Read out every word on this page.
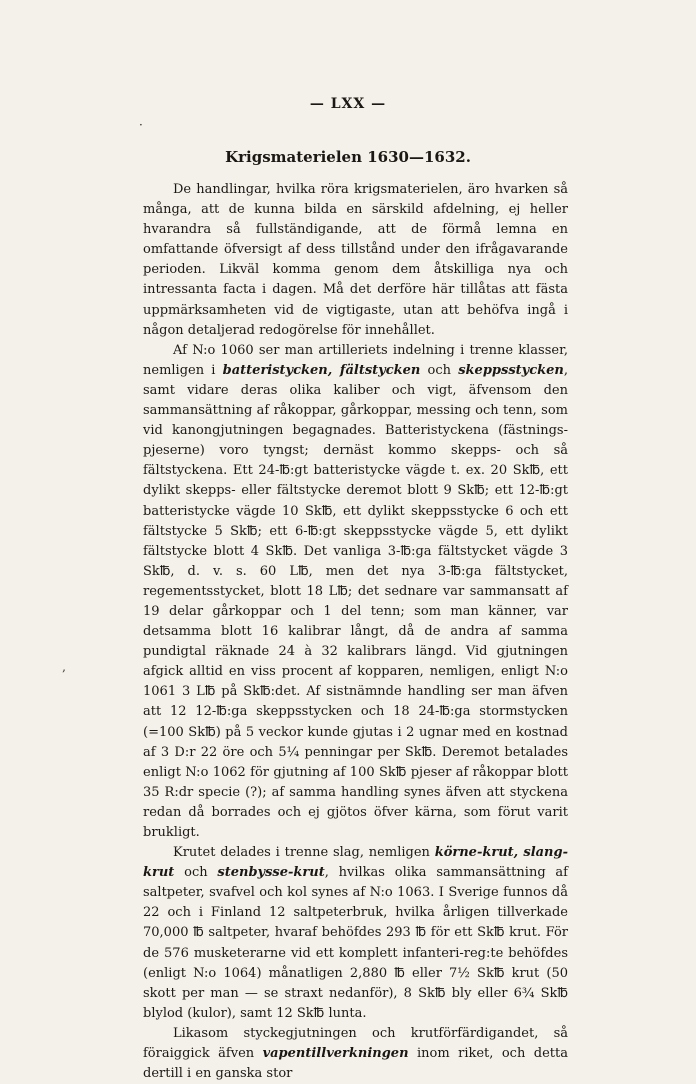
— LXX —
·
Krigsmaterielen 1630—1632.
‚

De handlingar, hvilka röra krigsmaterielen, äro hvarken så många, att de kunna bilda en särskild afdelning, ej heller hvarandra så fullständigande, att de förmå lemna en omfattande öfversigt af dess tillstånd under den ifrågavarande perioden. Likväl komma genom dem åtskilliga nya och intressanta facta i dagen. Må det derföre här tillåtas att fästa uppmärksamheten vid de vigtigaste, utan att behöfva ingå i någon detaljerad redogörelse för innehållet.

Af N:o 1060 ser man artilleriets indelning i trenne klasser, nemligen i batteristycken, fältstycken och skeppsstycken, samt vidare deras olika kaliber och vigt, äfvensom den sammansättning af råkoppar, gårkoppar, messing och tenn, som vid kanongjutningen begagnades. Batteristyckena (fästnings-pjeserne) voro tyngst; dernäst kommo skepps- och så fältstyckena. Ett 24-℔:gt batteristycke vägde t. ex. 20 Sk℔, ett dylikt skepps- eller fältstycke deremot blott 9 Sk℔; ett 12-℔:gt batteristycke vägde 10 Sk℔, ett dylikt skeppsstycke 6 och ett fältstycke 5 Sk℔; ett 6-℔:gt skeppsstycke vägde 5, ett dylikt fältstycke blott 4 Sk℔. Det vanliga 3-℔:ga fältstycket vägde 3 Sk℔, d. v. s. 60 L℔, men det nya 3-℔:ga fältstycket, regementsstycket, blott 18 L℔; det sednare var sammansatt af 19 delar gårkoppar och 1 del tenn; som man känner, var detsamma blott 16 kalibrar långt, då de andra af samma pundigtal räknade 24 à 32 kalibrars längd. Vid gjutningen afgick alltid en viss procent af kopparen, nemligen, enligt N:o 1061 3 L℔ på Sk℔:det. Af sistnämnde handling ser man äfven att 12 12-℔:ga skeppsstycken och 18 24-℔:ga stormstycken (=100 Sk℔) på 5 veckor kunde gjutas i 2 ugnar med en kostnad af 3 D:r 22 öre och 5¼ penningar per Sk℔. Deremot betalades enligt N:o 1062 för gjutning af 100 Sk℔ pjeser af råkoppar blott 35 R:dr specie (?); af samma handling synes äfven att styckena redan då borrades och ej gjötos öfver kärna, som förut varit brukligt.

Krutet delades i trenne slag, nemligen körne-krut, slang-krut och stenbysse-krut, hvilkas olika sammansättning af saltpeter, svafvel och kol synes af N:o 1063. I Sverige funnos då 22 och i Finland 12 saltpeterbruk, hvilka årligen tillverkade 70,000 ℔ saltpeter, hvaraf behöfdes 293 ℔ för ett Sk℔ krut. För de 576 musketerarne vid ett komplett infanteri-reg:te behöfdes (enligt N:o 1064) månatligen 2,880 ℔ eller 7½ Sk℔ krut (50 skott per man — se straxt nedanför), 8 Sk℔ bly eller 6¾ Sk℔ blylod (kulor), samt 12 Sk℔ lunta.

Likasom styckegjutningen och krutförfärdigandet, så föraiggick äfven vapentillverkningen inom riket, och detta dertill i en ganska stor
